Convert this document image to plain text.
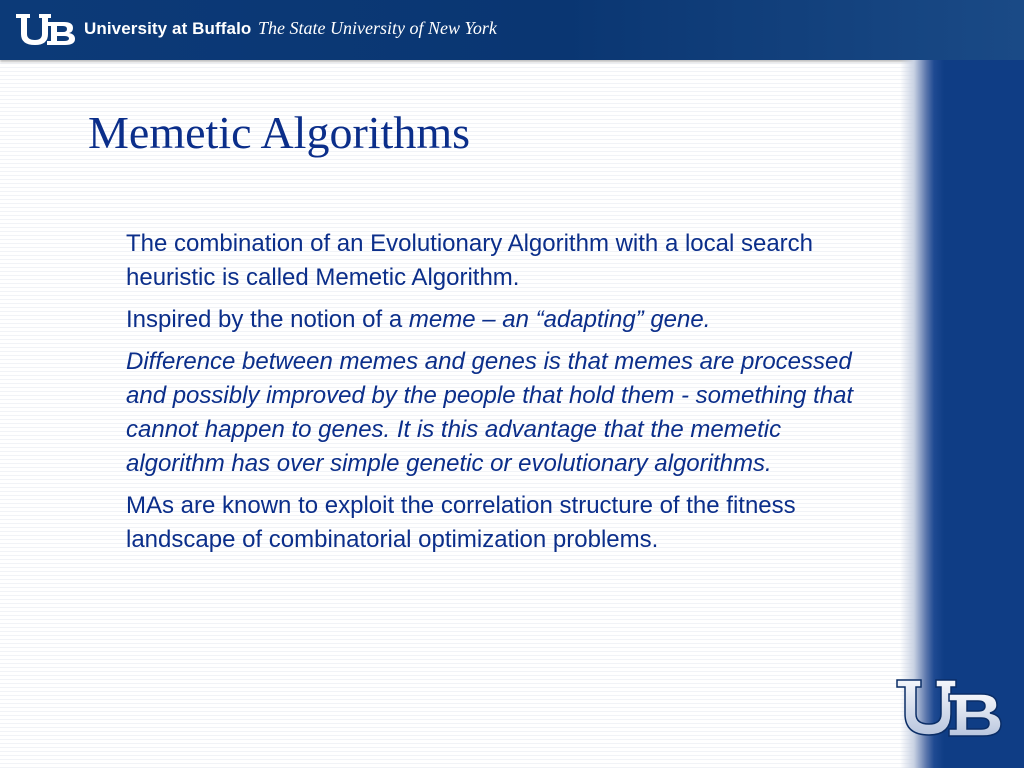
University at Buffalo The State University of New York
Memetic Algorithms

The combination of an Evolutionary Algorithm with a local search heuristic is called Memetic Algorithm.

Inspired by the notion of a meme – an “adapting” gene.

Difference between memes and genes is that memes are processed and possibly improved by the people that hold them - something that cannot happen to genes. It is this advantage that the memetic algorithm has over simple genetic or evolutionary algorithms.

MAs are known to exploit the correlation structure of the fitness landscape of combinatorial optimization problems.
